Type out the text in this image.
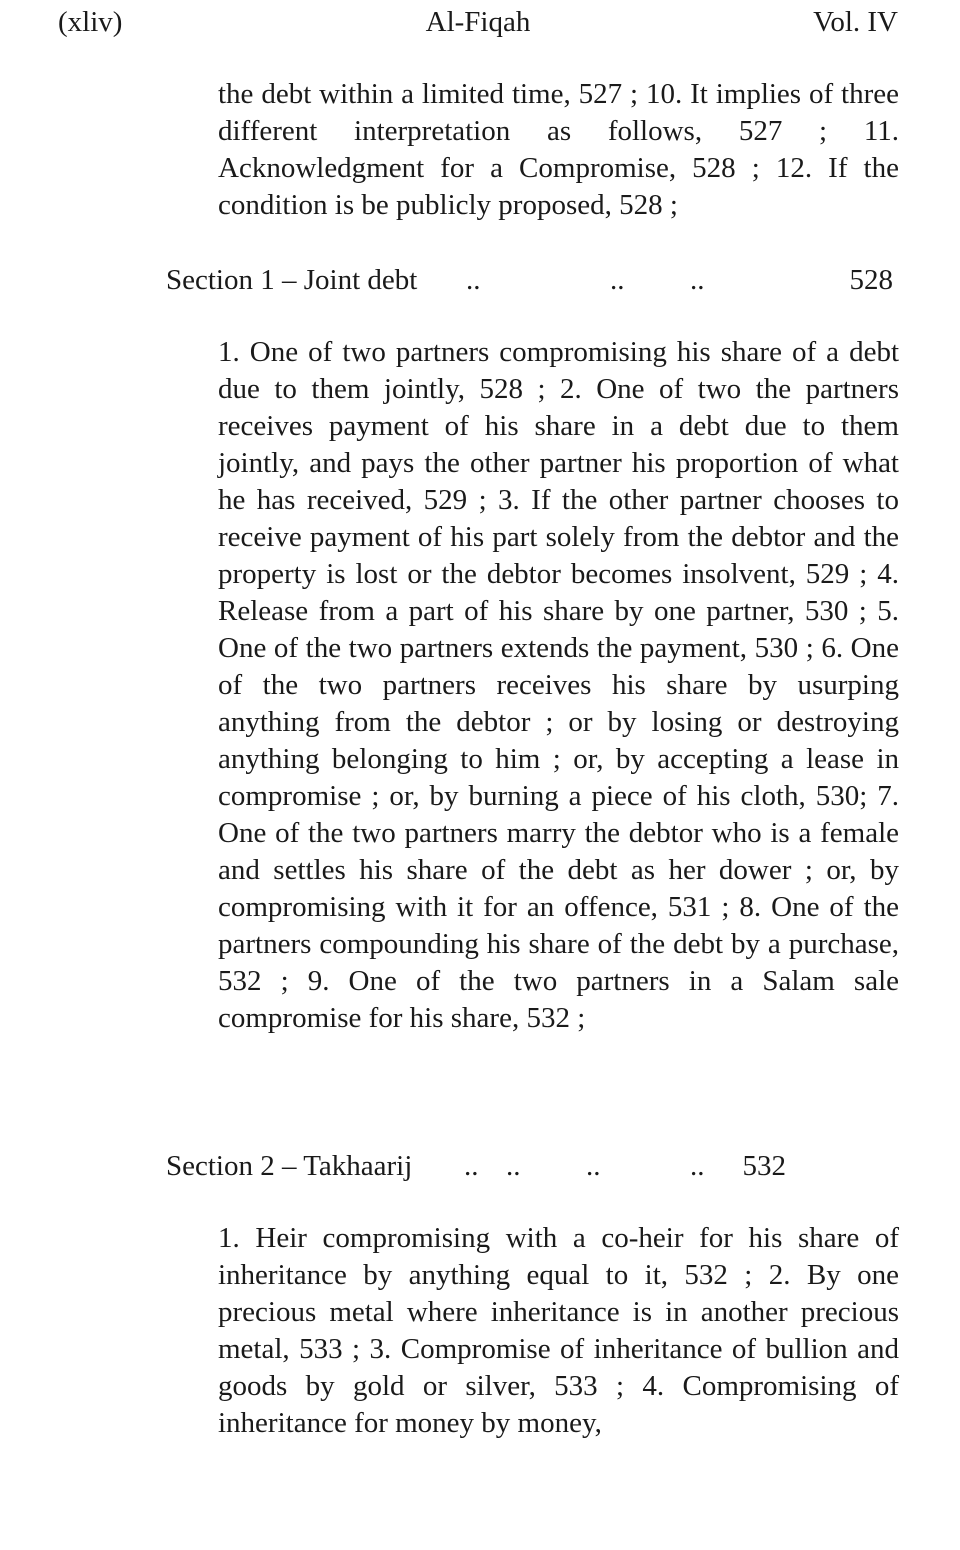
Al-Fiqah
(xliv)	Vol. IV
the debt within a limited time, 527 ; 10. It implies of three different interpretation as follows, 527 ; 11. Acknowledgment for a Compromise, 528 ; 12. If the condition is be publicly proposed, 528 ;
Section 1 – Joint debt ..	.. ..	528
1. One of two partners compromising his share of a debt due to them jointly, 528 ; 2. One of two the partners receives payment of his share in a debt due to them jointly, and pays the other partner his proportion of what he has received, 529 ; 3. If the other partner chooses to receive payment of his part solely from the debtor and the property is lost or the debtor becomes insolvent, 529 ; 4. Release from a part of his share by one partner, 530 ; 5. One of the two partners extends the payment, 530 ; 6. One of the two partners receives his share by usurping anything from the debtor ; or by losing or destroying anything belonging to him ; or, by accepting a lease in compromise ; or, by burning a piece of his cloth, 530; 7. One of the two partners marry the debtor who is a female and settles his share of the debt as her dower ; or, by compromising with it for an offence, 531 ; 8. One of the partners compounding his share of the debt by a purchase, 532 ; 9. One of the two partners in a Salam sale compromise for his share, 532 ;
Section 2 – Takhaarij .. .. ..	.. 532
1. Heir compromising with a co-heir for his share of inheritance by anything equal to it, 532 ; 2. By one precious metal where inheritance is in another precious metal, 533 ; 3. Compromise of inheritance of bullion and goods by gold or silver, 533 ; 4. Compromising of inheritance for money by money,
